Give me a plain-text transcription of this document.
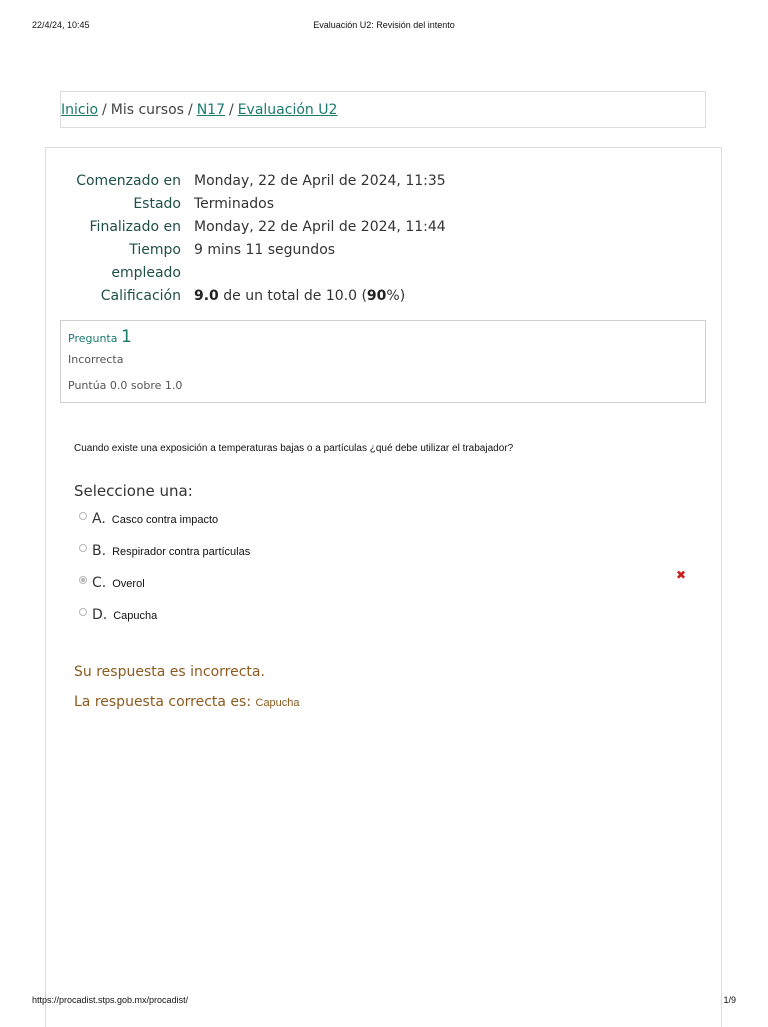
22/4/24, 10:45	Evaluación U2: Revisión del intento
Inicio / Mis cursos / N17 / Evaluación U2
Comenzado en Monday, 22 de April de 2024, 11:35
Estado Terminados
Finalizado en Monday, 22 de April de 2024, 11:44
Tiempo
empleado
9 mins 11 segundos
Calificación 9.0 de un total de 10.0 (90%)
Pregunta 1
Incorrecta
Puntúa 0.0 sobre 1.0
Cuando existe una exposición a temperaturas bajas o a partículas ¿qué debe utilizar el trabajador?
Seleccione una:
A. Casco contra impacto
B. Respirador contra partículas
C. Overol
D. Capucha
✖
Su respuesta es incorrecta.
La respuesta correcta es: Capucha
https://procadist.stps.gob.mx/procadist/	1/9
